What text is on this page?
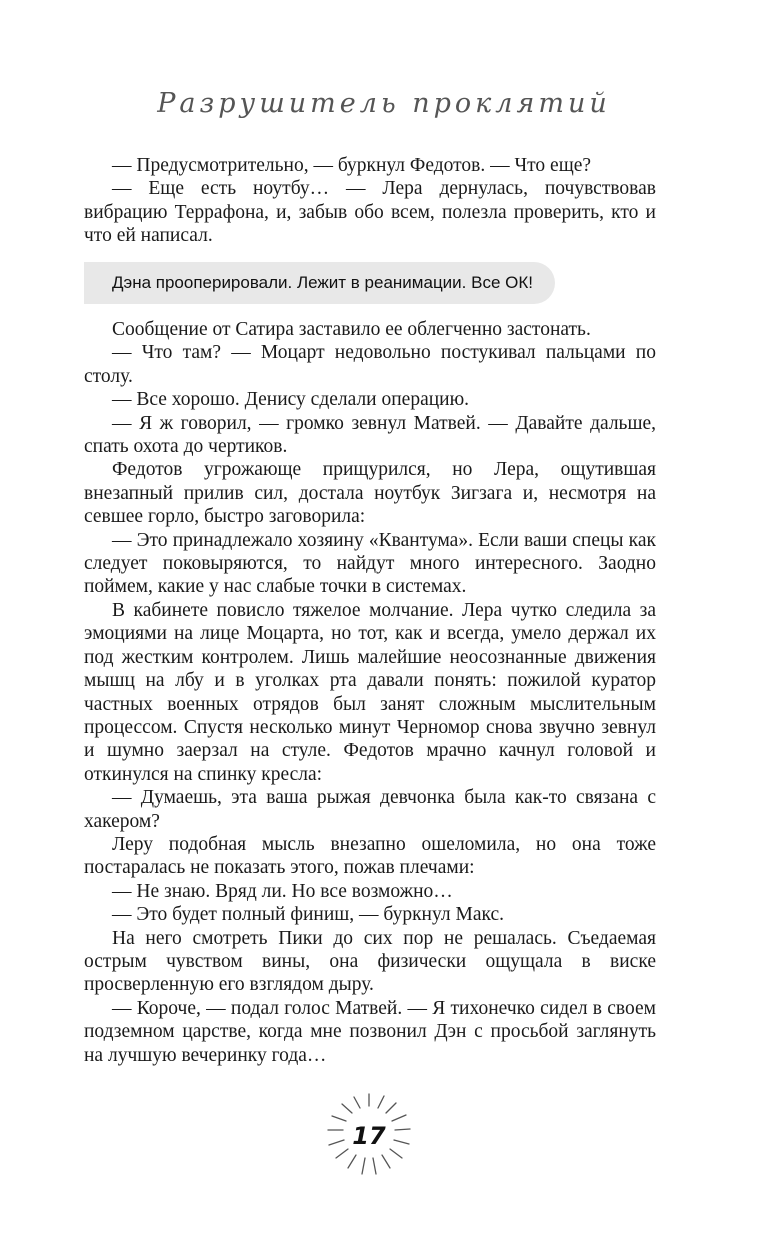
Разрушитель проклятий

— Предусмотрительно, — буркнул Федотов. — Что еще?

— Еще есть ноутбу… — Лера дернулась, почувствовав вибрацию Террафона, и, забыв обо всем, полезла проверить, кто и что ей написал.

Дэна прооперировали. Лежит в реанимации. Все ОК!

Сообщение от Сатира заставило ее облегченно застонать.

— Что там? — Моцарт недовольно постукивал пальцами по столу.

— Все хорошо. Денису сделали операцию.

— Я ж говорил, — громко зевнул Матвей. — Давайте дальше, спать охота до чертиков.

Федотов угрожающе прищурился, но Лера, ощутившая внезапный прилив сил, достала ноутбук Зигзага и, несмотря на севшее горло, быстро заговорила:

— Это принадлежало хозяину «Квантума». Если ваши спецы как следует поковыряются, то найдут много интересного. Заодно поймем, какие у нас слабые точки в системах.

В кабинете повисло тяжелое молчание. Лера чутко следила за эмоциями на лице Моцарта, но тот, как и всегда, умело держал их под жестким контролем. Лишь малейшие неосознанные движения мышц на лбу и в уголках рта давали понять: пожилой куратор частных военных отрядов был занят сложным мыслительным процессом. Спустя несколько минут Черномор снова звучно зевнул и шумно заерзал на стуле. Федотов мрачно качнул головой и откинулся на спинку кресла:

— Думаешь, эта ваша рыжая девчонка была как-то связана с хакером?

Леру подобная мысль внезапно ошеломила, но она тоже постаралась не показать этого, пожав плечами:

— Не знаю. Вряд ли. Но все возможно…

— Это будет полный финиш, — буркнул Макс.

На него смотреть Пики до сих пор не решалась. Съедаемая острым чувством вины, она физически ощущала в виске просверленную его взглядом дыру.

— Короче, — подал голос Матвей. — Я тихонечко сидел в своем подземном царстве, когда мне позвонил Дэн с просьбой заглянуть на лучшую вечеринку года…

17
